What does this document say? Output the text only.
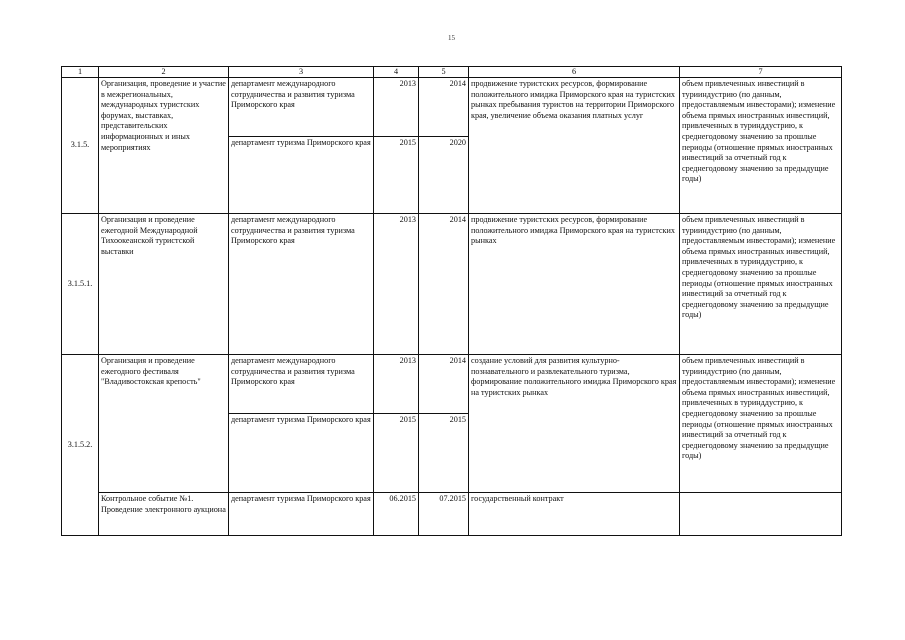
15
1	2	3	4	5	6	7
3.1.5.	Организация, проведение и участие в межрегиональных, международных туристских форумах, выставках, представительских информационных и иных мероприятиях	департамент международного сотрудничества и развития туризма Приморского края	2013	2014	продвижение туристских ресурсов, формирование положительного имиджа Приморского края на туристских рынках пребывания туристов на территории Приморского края, увеличение объема оказания платных услуг	объем привлеченных инвестиций в турииндустрию (по данным, предоставляемым инвесторами); изменение объема прямых иностранных инвестиций, привлеченных в туринддустрию, к среднегодовому значению за прошлые периоды (отношение прямых иностранных инвестиций за отчетный год к среднегодовому значению за предыдущие годы)
		департамент туризма Приморского края	2015	2020		
3.1.5.1.	Организация и проведение ежегодной Международной Тихоокеанской туристской выставки	департамент международного сотрудничества и развития туризма Приморского края	2013	2014	продвижение туристских ресурсов, формирование положительного имиджа Приморского края на туристских рынках	объем привлеченных инвестиций в турииндустрию (по данным, предоставляемым инвесторами); изменение объема прямых иностранных инвестиций, привлеченных в туринддустрию, к среднегодовому значению за прошлые периоды (отношение прямых иностранных инвестиций за отчетный год к среднегодовому значению за предыдущие годы)
3.1.5.2.	Организация и проведение ежегодного фестиваля "Владивостокская крепость"	департамент международного сотрудничества и развития туризма Приморского края	2013	2014	создание условий для развития культурно-познавательного и развлекательного туризма, формирование положительного имиджа Приморского края на туристских рынках	объем привлеченных инвестиций в турииндустрию (по данным, предоставляемым инвесторами); изменение объема прямых иностранных инвестиций, привлеченных в туринддустрию, к среднегодовому значению за прошлые периоды (отношение прямых иностранных инвестиций за отчетный год к среднегодовому значению за предыдущие годы)
		департамент туризма Приморского края	2015	2015		
	Контрольное событие №1. Проведение электронного аукциона	департамент туризма Приморского края	06.2015	07.2015	государственный контракт	
